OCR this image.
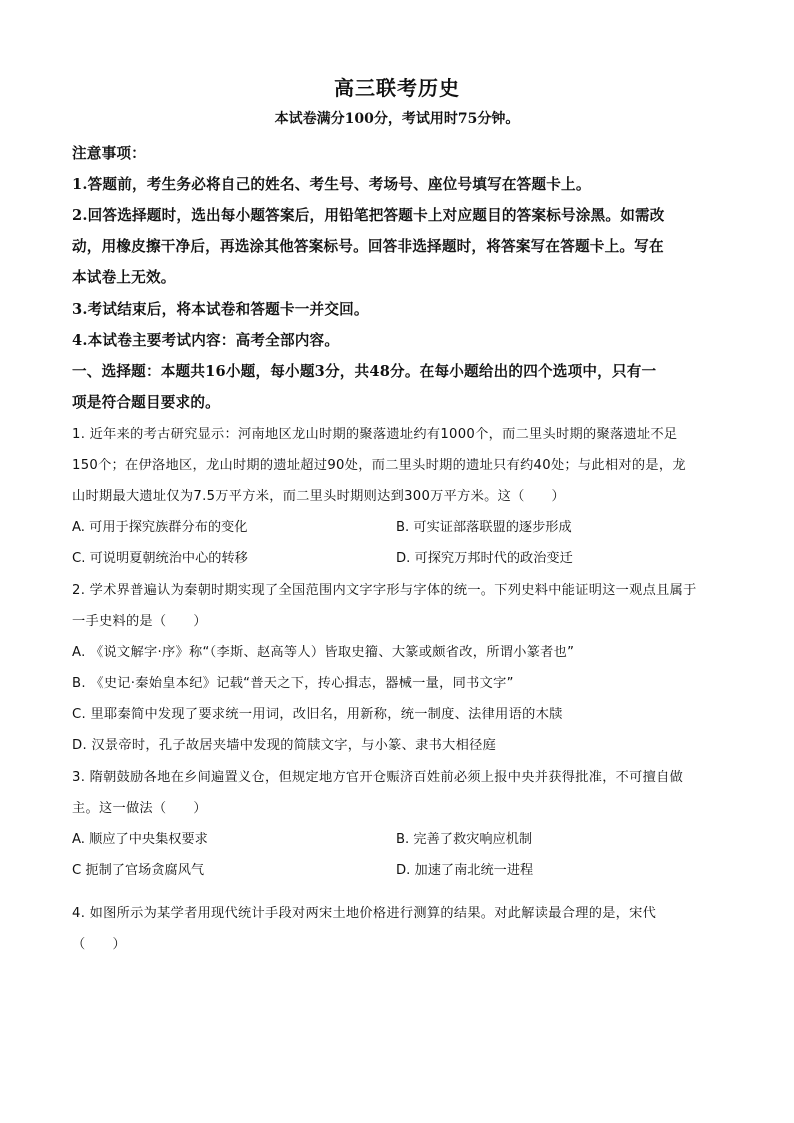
高三联考历史
本试卷满分100分，考试用时75分钟。
注意事项：
1.答题前，考生务必将自己的姓名、考生号、考场号、座位号填写在答题卡上。
2.回答选择题时，选出每小题答案后，用铅笔把答题卡上对应题目的答案标号涂黑。如需改
动，用橡皮擦干净后，再选涂其他答案标号。回答非选择题时，将答案写在答题卡上。写在
本试卷上无效。
3.考试结束后，将本试卷和答题卡一并交回。
4.本试卷主要考试内容：高考全部内容。
一、选择题：本题共16小题，每小题3分，共48分。在每小题给出的四个选项中，只有一
项是符合题目要求的。
1. 近年来的考古研究显示：河南地区龙山时期的聚落遗址约有1000个，而二里头时期的聚落遗址不足
150个；在伊洛地区，龙山时期的遗址超过90处，而二里头时期的遗址只有约40处；与此相对的是，龙
山时期最大遗址仅为7.5万平方米，而二里头时期则达到300万平方米。这（　　）
A. 可用于探究族群分布的变化	B. 可实证部落联盟的逐步形成
C. 可说明夏朝统治中心的转移	D. 可探究万邦时代的政治变迁
2. 学术界普遍认为秦朝时期实现了全国范围内文字字形与字体的统一。下列史料中能证明这一观点且属于
一手史料的是（　　）
A. 《说文解字·序》称“（李斯、赵高等人）皆取史籀、大篆或颇省改，所谓小篆者也”
B. 《史记·秦始皇本纪》记载“普天之下，抟心揖志，器械一量，同书文字”
C. 里耶秦简中发现了要求统一用词，改旧名，用新称，统一制度、法律用语的木牍
D. 汉景帝时，孔子故居夹墙中发现的简牍文字，与小篆、隶书大相径庭
3. 隋朝鼓励各地在乡间遍置义仓，但规定地方官开仓赈济百姓前必须上报中央并获得批准，不可擅自做
主。这一做法（　　）
A. 顺应了中央集权要求	B. 完善了救灾响应机制
C 扼制了官场贪腐风气	D. 加速了南北统一进程
4. 如图所示为某学者用现代统计手段对两宋土地价格进行测算的结果。对此解读最合理的是，宋代
（　　）
